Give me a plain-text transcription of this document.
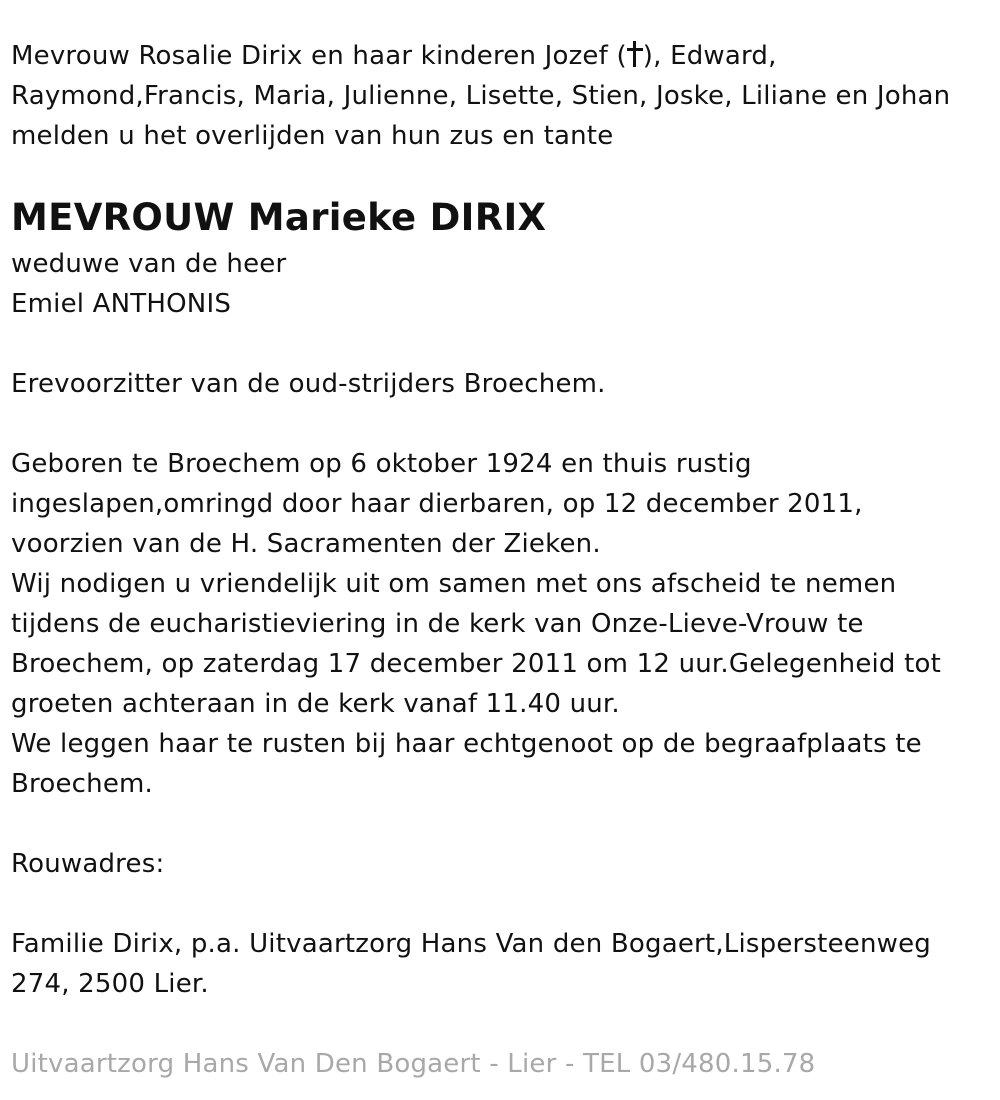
Mevrouw Rosalie Dirix en haar kinderen Jozef ( ), Edward,
Raymond,Francis, Maria, Julienne, Lisette, Stien, Joske, Liliane en Johan
melden u het overlijden van hun zus en tante
MEVROUW Marieke DIRIX
weduwe van de heer
Emiel ANTHONIS
Erevoorzitter van de oud-strijders Broechem.
Geboren te Broechem op 6 oktober 1924 en thuis rustig
ingeslapen,omringd door haar dierbaren, op 12 december 2011,
voorzien van de H. Sacramenten der Zieken.
Wij nodigen u vriendelijk uit om samen met ons afscheid te nemen
tijdens de eucharistieviering in de kerk van Onze-Lieve-Vrouw te
Broechem, op zaterdag 17 december 2011 om 12 uur.Gelegenheid tot
groeten achteraan in de kerk vanaf 11.40 uur.
We leggen haar te rusten bij haar echtgenoot op de begraafplaats te
Broechem.
Rouwadres:
Familie Dirix, p.a. Uitvaartzorg Hans Van den Bogaert,Lispersteenweg
274, 2500 Lier.
Uitvaartzorg Hans Van Den Bogaert - Lier - TEL 03/480.15.78
